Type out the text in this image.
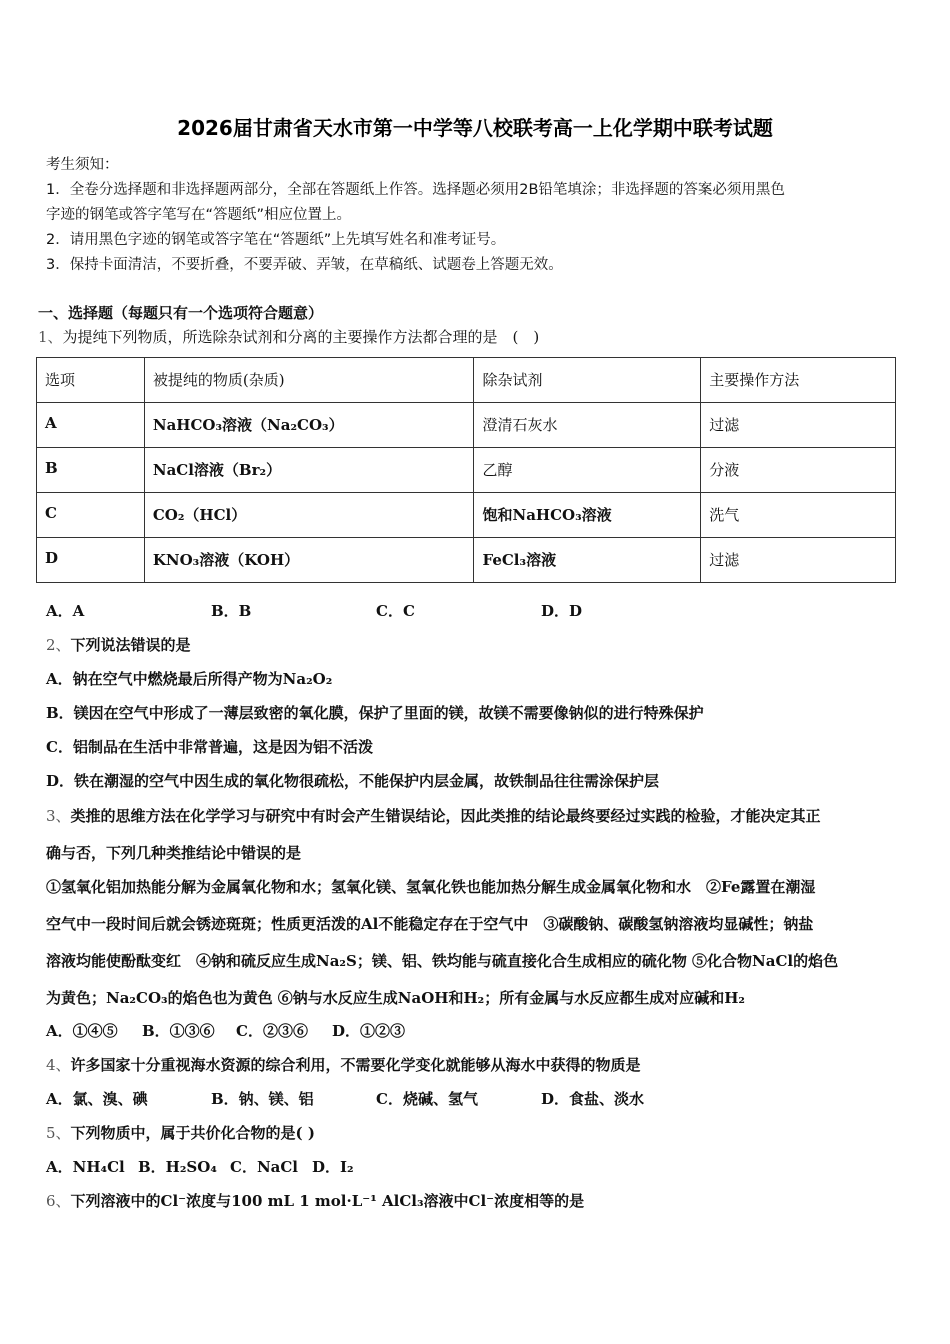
2026届甘肃省天水市第一中学等八校联考高一上化学期中联考试题
考生须知：
1．全卷分选择题和非选择题两部分，全部在答题纸上作答。选择题必须用2B铅笔填涂；非选择题的答案必须用黑色
字迹的钢笔或答字笔写在“答题纸”相应位置上。
2．请用黑色字迹的钢笔或答字笔在“答题纸”上先填写姓名和准考证号。
3．保持卡面清洁，不要折叠，不要弄破、弄皱，在草稿纸、试题卷上答题无效。
一、选择题（每题只有一个选项符合题意）
1、为提纯下列物质，所选除杂试剂和分离的主要操作方法都合理的是　(　)
选项	被提纯的物质(杂质)	除杂试剂	主要操作方法
A	NaHCO₃溶液（Na₂CO₃）	澄清石灰水	过滤
B	NaCl溶液（Br₂）	乙醇	分液
C	CO₂（HCl）	饱和NaHCO₃溶液	洗气
D	KNO₃溶液（KOH）	FeCl₃溶液	过滤
A．A	B．B	C．C	D．D
2、下列说法错误的是
A．钠在空气中燃烧最后所得产物为Na₂O₂
B．镁因在空气中形成了一薄层致密的氧化膜，保护了里面的镁，故镁不需要像钠似的进行特殊保护
C．铝制品在生活中非常普遍，这是因为铝不活泼
D．铁在潮湿的空气中因生成的氧化物很疏松，不能保护内层金属，故铁制品往往需涂保护层
3、类推的思维方法在化学学习与研究中有时会产生错误结论，因此类推的结论最终要经过实践的检验，才能决定其正
确与否，下列几种类推结论中错误的是
①氢氧化铝加热能分解为金属氧化物和水；氢氧化镁、氢氧化铁也能加热分解生成金属氧化物和水　②Fe露置在潮湿
空气中一段时间后就会锈迹斑斑；性质更活泼的Al不能稳定存在于空气中　③碳酸钠、碳酸氢钠溶液均显碱性；钠盐
溶液均能使酚酞变红　④钠和硫反应生成Na₂S；镁、铝、铁均能与硫直接化合生成相应的硫化物 ⑤化合物NaCl的焰色
为黄色；Na₂CO₃的焰色也为黄色 ⑥钠与水反应生成NaOH和H₂；所有金属与水反应都生成对应碱和H₂
A．①④⑤ B．①③⑥ C．②③⑥ D．①②③
4、许多国家十分重视海水资源的综合利用，不需要化学变化就能够从海水中获得的物质是
A．氯、溴、碘	B．钠、镁、铝	C．烧碱、氢气	D．食盐、淡水
5、下列物质中，属于共价化合物的是( )
A．NH₄Cl B．H₂SO₄ C．NaCl D．I₂
6、下列溶液中的Cl⁻浓度与100 mL 1 mol·L⁻¹ AlCl₃溶液中Cl⁻浓度相等的是
